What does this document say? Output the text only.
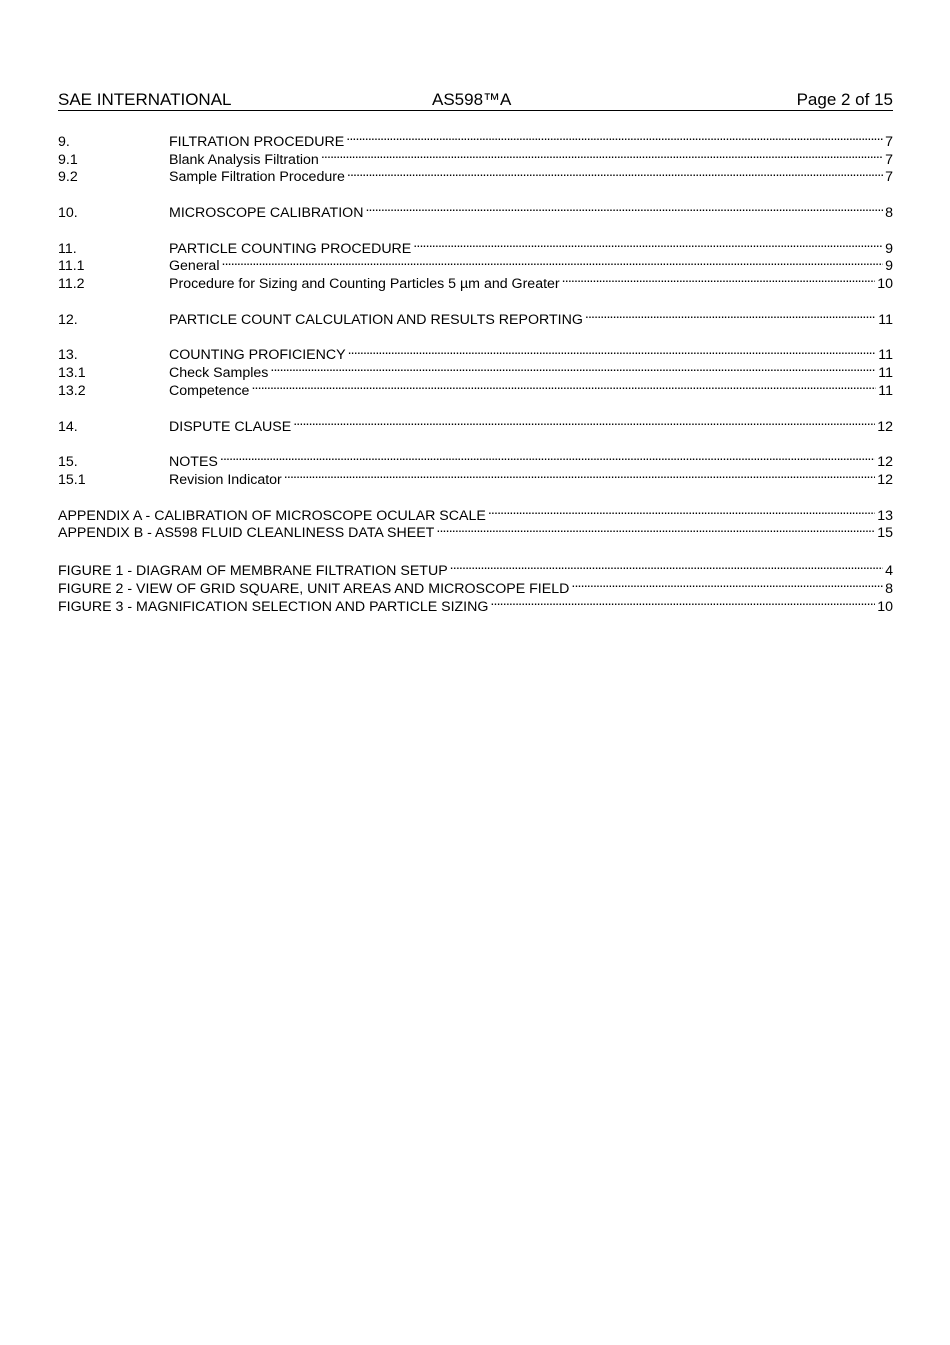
SAE INTERNATIONAL	AS598™A	Page 2 of 15
9.	FILTRATION PROCEDURE . . .	7
9.1	Blank Analysis Filtration . . .	7
9.2	Sample Filtration Procedure . . .	7
10.	MICROSCOPE CALIBRATION . . .	8
11.	PARTICLE COUNTING PROCEDURE . . .	9
11.1	General . . .	9
11.2	Procedure for Sizing and Counting Particles 5 µm and Greater . . .	10
12.	PARTICLE COUNT CALCULATION AND RESULTS REPORTING . . .	11
13.	COUNTING PROFICIENCY . . .	11
13.1	Check Samples . . .	11
13.2	Competence . . .	11
14.	DISPUTE CLAUSE . . .	12
15.	NOTES . . .	12
15.1	Revision Indicator . . .	12
APPENDIX A - CALIBRATION OF MICROSCOPE OCULAR SCALE . . .	13
APPENDIX B - AS598 FLUID CLEANLINESS DATA SHEET . . .	15
FIGURE 1 - DIAGRAM OF MEMBRANE FILTRATION SETUP . . .	4
FIGURE 2 - VIEW OF GRID SQUARE, UNIT AREAS AND MICROSCOPE FIELD . . .	8
FIGURE 3 - MAGNIFICATION SELECTION AND PARTICLE SIZING . . .	10
